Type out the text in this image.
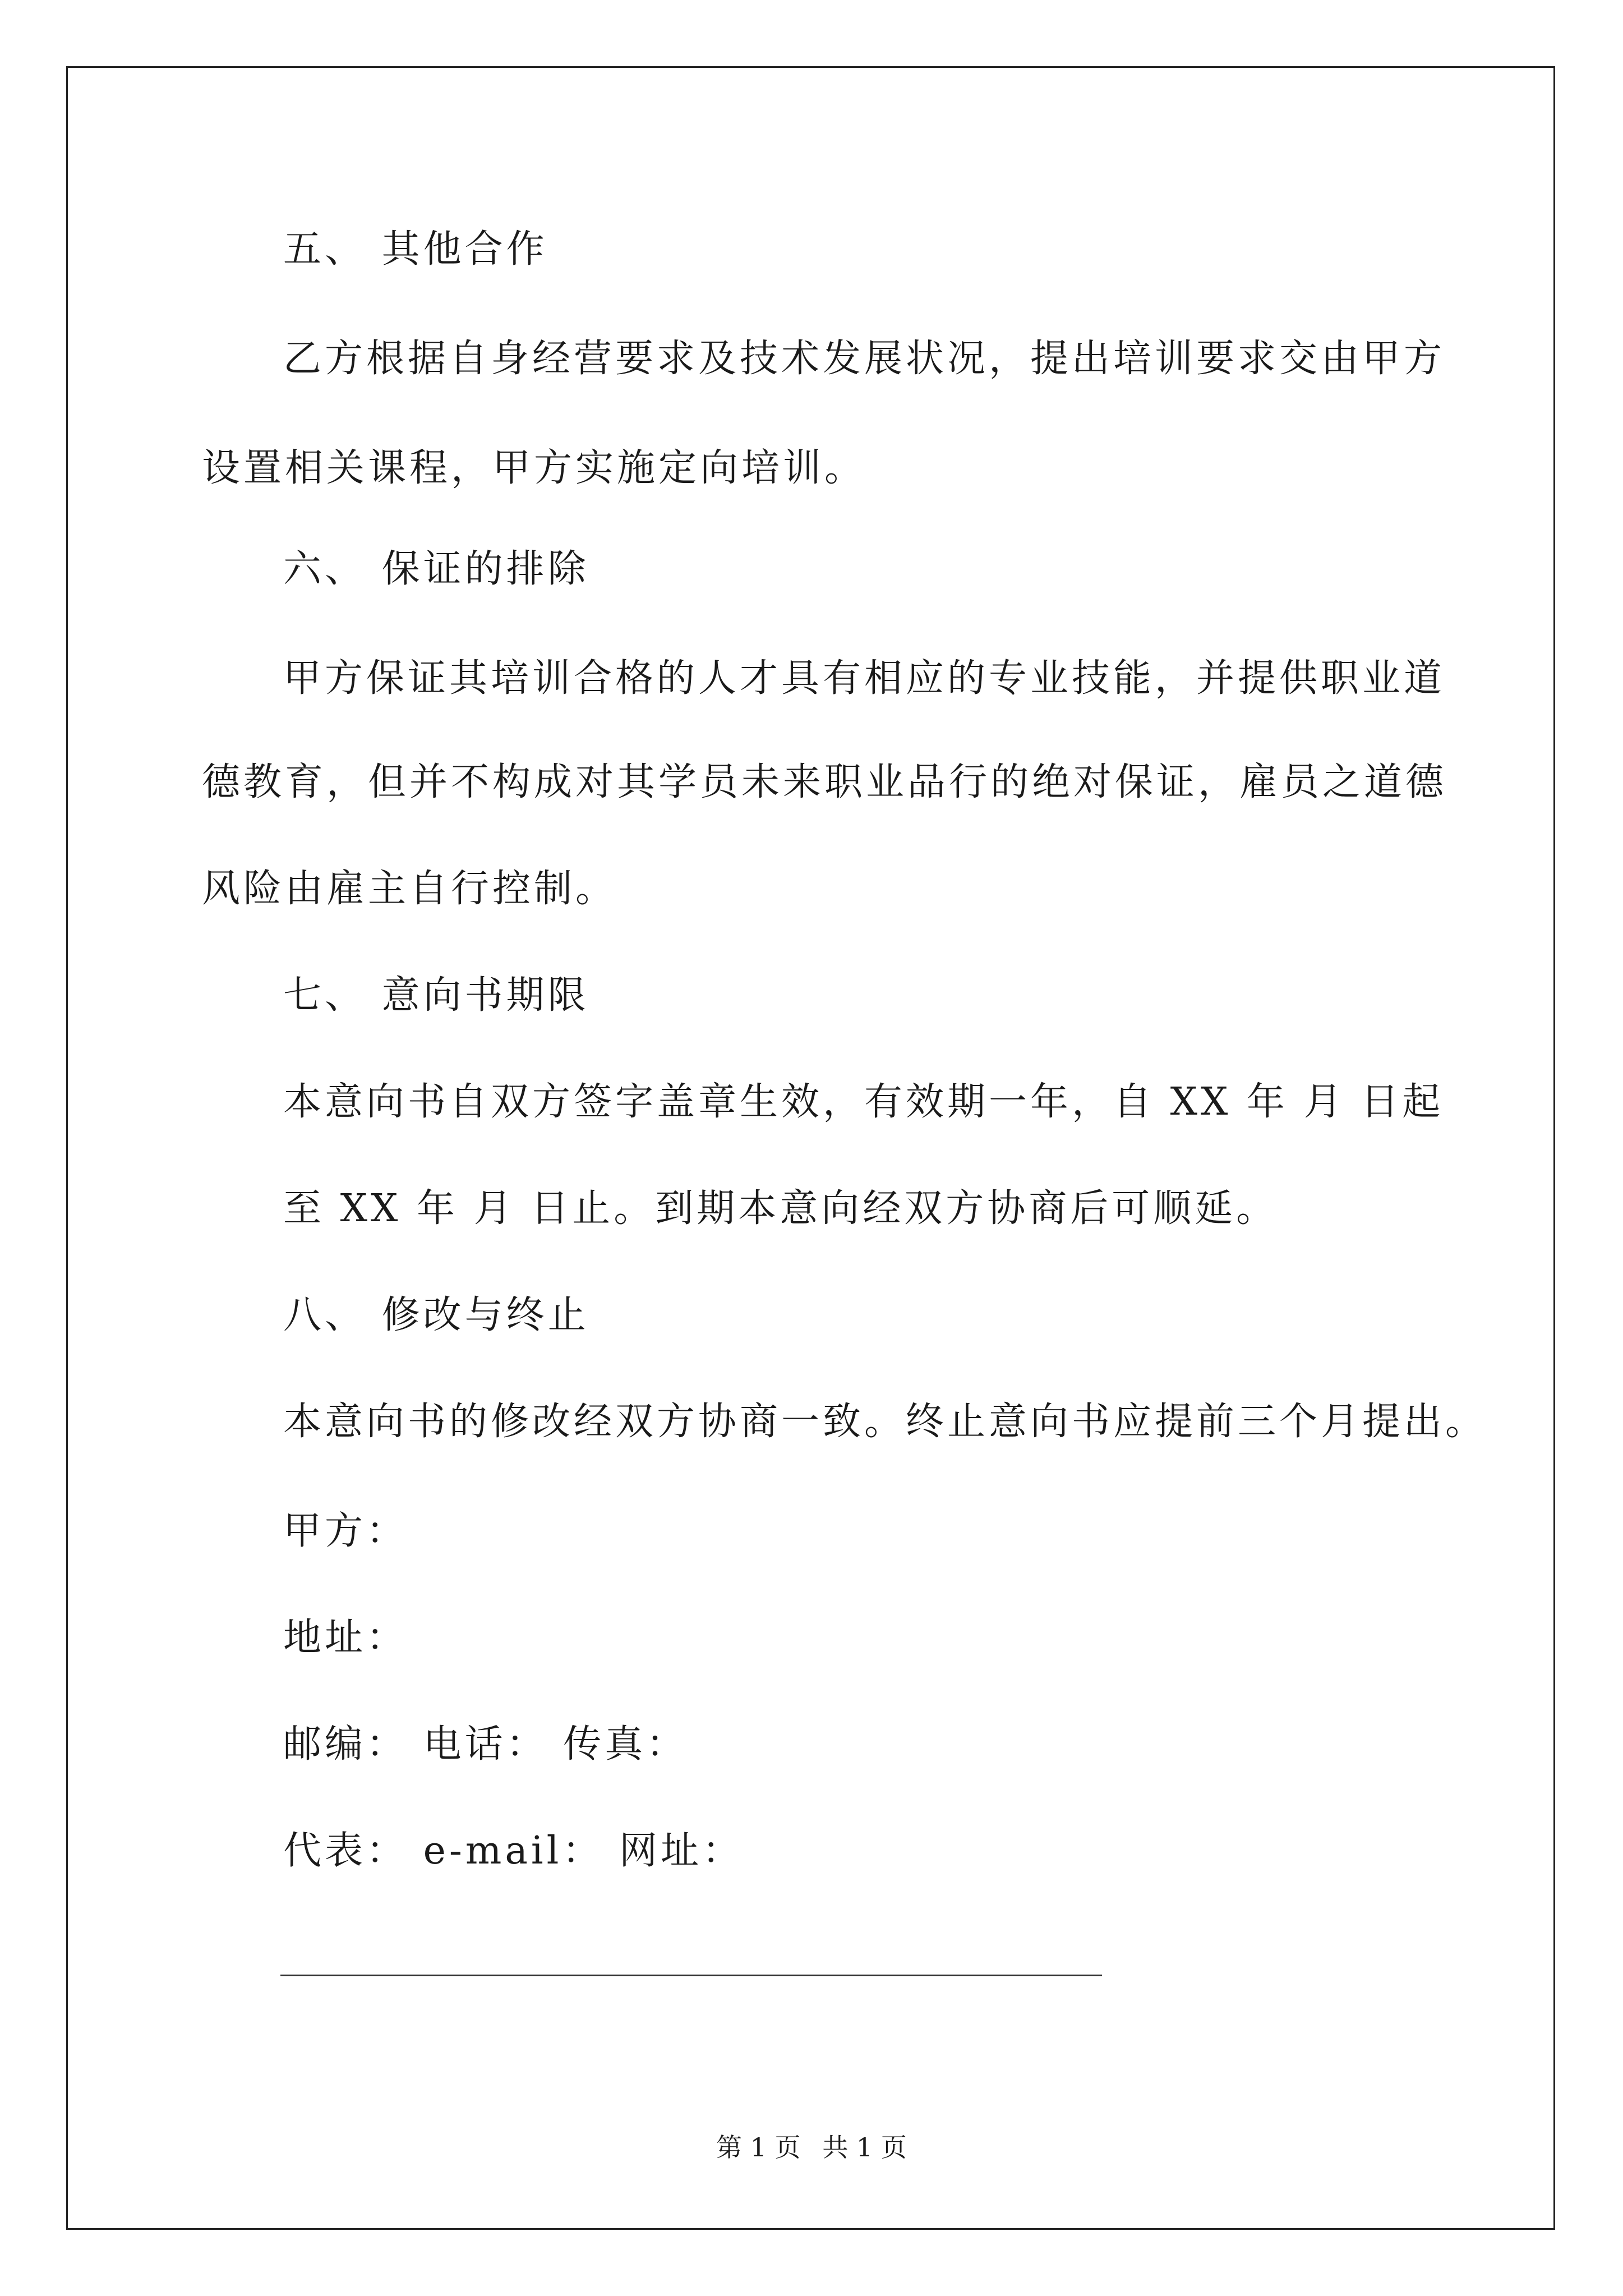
五、 其他合作
乙方根据自身经营要求及技术发展状况，提出培训要求交由甲方
设置相关课程，甲方实施定向培训。
六、 保证的排除
甲方保证其培训合格的人才具有相应的专业技能，并提供职业道
德教育，但并不构成对其学员未来职业品行的绝对保证，雇员之道德
风险由雇主自行控制。
七、 意向书期限
本意向书自双方签字盖章生效，有效期一年，自 XX 年 月 日起
至 XX 年 月 日止。到期本意向经双方协商后可顺延。
八、 修改与终止
本意向书的修改经双方协商一致。终止意向书应提前三个月提出。
甲方：
地址：
邮编： 电话： 传真：
代表： e-mail： 网址：
第 1 页 共 1 页
